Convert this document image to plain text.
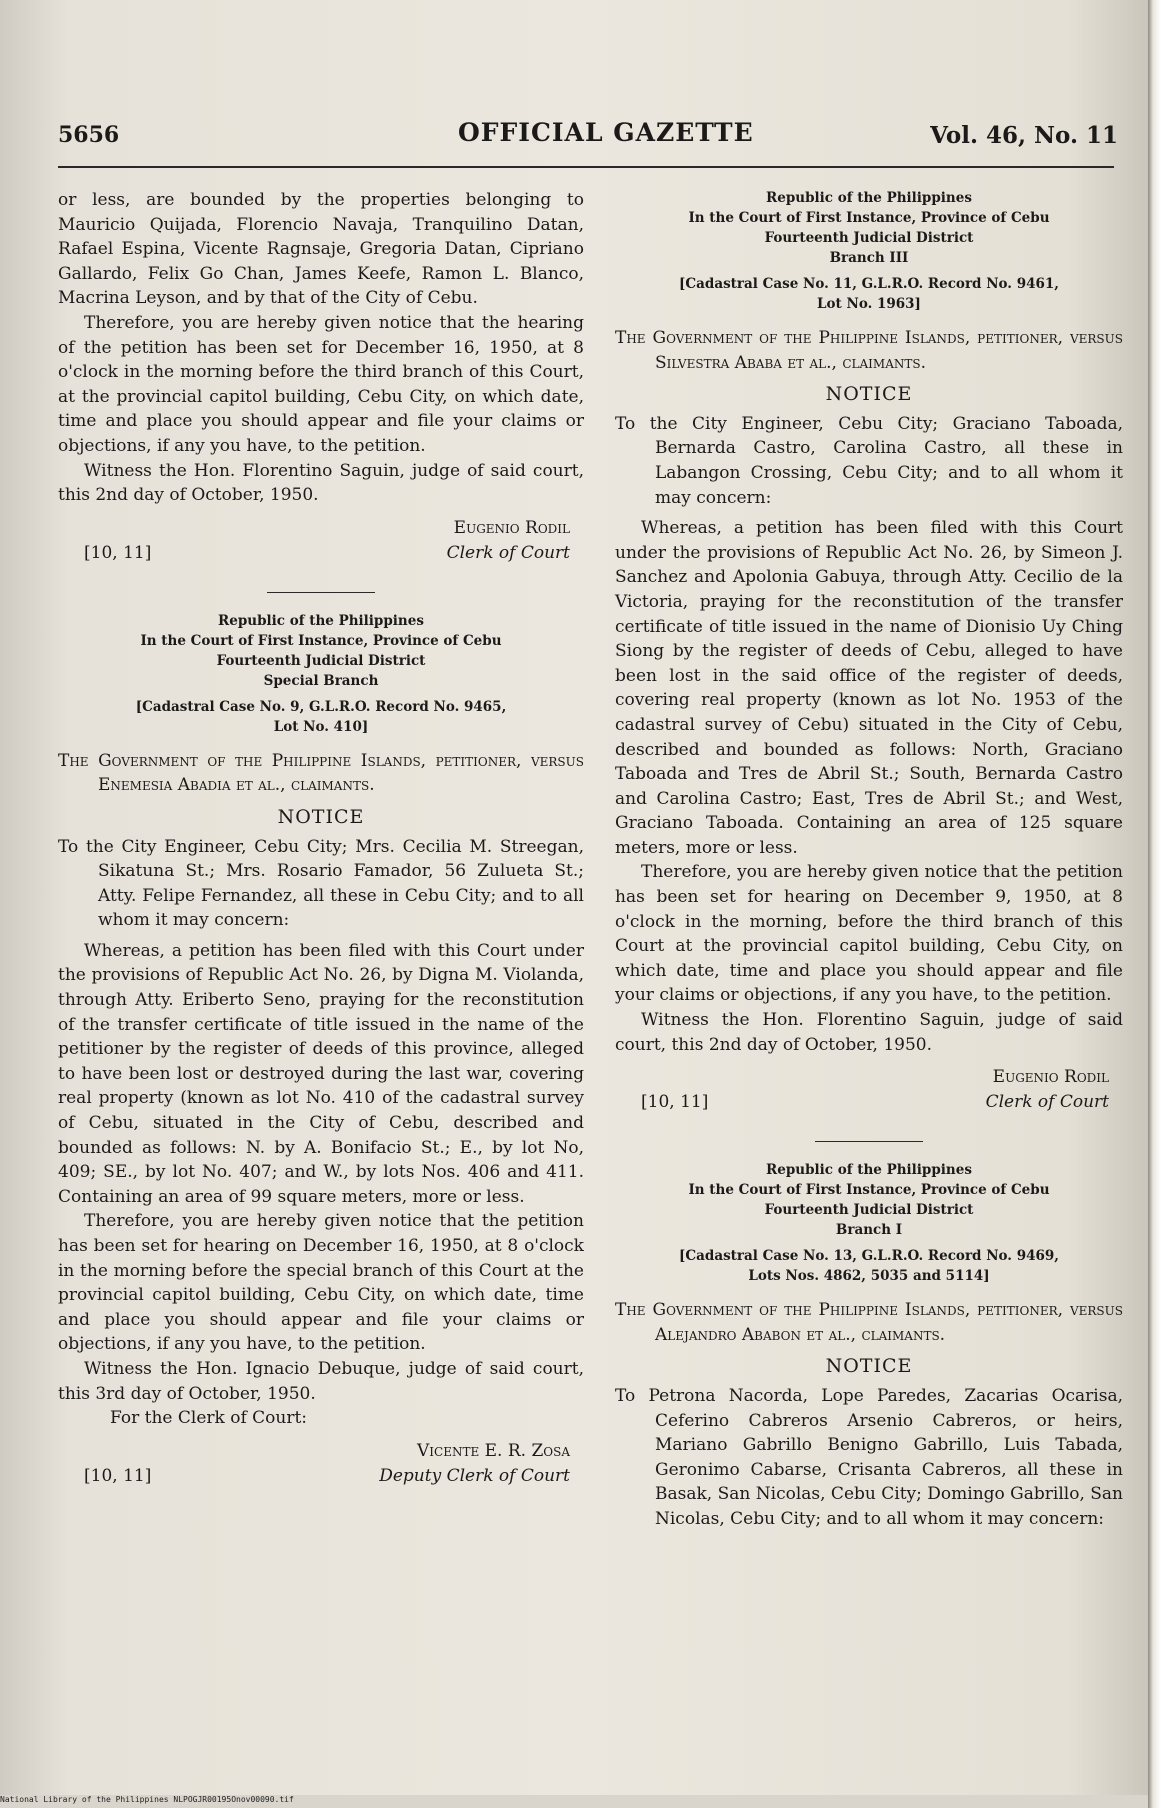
5656	OFFICIAL GAZETTE	Vol. 46, No. 11

or less, are bounded by the properties belonging to Mauricio Quijada, Florencio Navaja, Tranquilino Datan, Rafael Espina, Vicente Ragnsaje, Gregoria Datan, Cipriano Gallardo, Felix Go Chan, James Keefe, Ramon L. Blanco, Macrina Leyson, and by that of the City of Cebu.

Therefore, you are hereby given notice that the hearing of the petition has been set for December 16, 1950, at 8 o'clock in the morning before the third branch of this Court, at the provincial capitol building, Cebu City, on which date, time and place you should appear and file your claims or objections, if any you have, to the petition.

Witness the Hon. Florentino Saguin, judge of said court, this 2nd day of October, 1950.

Eugenio Rodil
[10, 11]	Clerk of Court
Republic of the Philippines
In the Court of First Instance, Province of Cebu
Fourteenth Judicial District
Special Branch
[Cadastral Case No. 9, G.L.R.O. Record No. 9465,
Lot No. 410]

The Government of the Philippine Islands, petitioner, versus Enemesia Abadia et al., claimants.

NOTICE

To the City Engineer, Cebu City; Mrs. Cecilia M. Streegan, Sikatuna St.; Mrs. Rosario Famador, 56 Zulueta St.; Atty. Felipe Fernandez, all these in Cebu City; and to all whom it may concern:

Whereas, a petition has been filed with this Court under the provisions of Republic Act No. 26, by Digna M. Violanda, through Atty. Eriberto Seno, praying for the reconstitution of the transfer certificate of title issued in the name of the petitioner by the register of deeds of this province, alleged to have been lost or destroyed during the last war, covering real property (known as lot No. 410 of the cadastral survey of Cebu, situated in the City of Cebu, described and bounded as follows: N. by A. Bonifacio St.; E., by lot No, 409; SE., by lot No. 407; and W., by lots Nos. 406 and 411. Containing an area of 99 square meters, more or less.

Therefore, you are hereby given notice that the petition has been set for hearing on December 16, 1950, at 8 o'clock in the morning before the special branch of this Court at the provincial capitol building, Cebu City, on which date, time and place you should appear and file your claims or objections, if any you have, to the petition.

Witness the Hon. Ignacio Debuque, judge of said court, this 3rd day of October, 1950.

For the Clerk of Court:

Vicente E. R. Zosa
[10, 11]	Deputy Clerk of Court
Republic of the Philippines
In the Court of First Instance, Province of Cebu
Fourteenth Judicial District
Branch III
[Cadastral Case No. 11, G.L.R.O. Record No. 9461,
Lot No. 1963]

The Government of the Philippine Islands, petitioner, versus Silvestra Ababa et al., claimants.

NOTICE

To the City Engineer, Cebu City; Graciano Taboada, Bernarda Castro, Carolina Castro, all these in Labangon Crossing, Cebu City; and to all whom it may concern:

Whereas, a petition has been filed with this Court under the provisions of Republic Act No. 26, by Simeon J. Sanchez and Apolonia Gabuya, through Atty. Cecilio de la Victoria, praying for the reconstitution of the transfer certificate of title issued in the name of Dionisio Uy Ching Siong by the register of deeds of Cebu, alleged to have been lost in the said office of the register of deeds, covering real property (known as lot No. 1953 of the cadastral survey of Cebu) situated in the City of Cebu, described and bounded as follows: North, Graciano Taboada and Tres de Abril St.; South, Bernarda Castro and Carolina Castro; East, Tres de Abril St.; and West, Graciano Taboada. Containing an area of 125 square meters, more or less.

Therefore, you are hereby given notice that the petition has been set for hearing on December 9, 1950, at 8 o'clock in the morning, before the third branch of this Court at the provincial capitol building, Cebu City, on which date, time and place you should appear and file your claims or objections, if any you have, to the petition.

Witness the Hon. Florentino Saguin, judge of said court, this 2nd day of October, 1950.

Eugenio Rodil
[10, 11]	Clerk of Court
Republic of the Philippines
In the Court of First Instance, Province of Cebu
Fourteenth Judicial District
Branch I
[Cadastral Case No. 13, G.L.R.O. Record No. 9469,
Lots Nos. 4862, 5035 and 5114]

The Government of the Philippine Islands, petitioner, versus Alejandro Ababon et al., claimants.

NOTICE

To Petrona Nacorda, Lope Paredes, Zacarias Ocarisa, Ceferino Cabreros Arsenio Cabreros, or heirs, Mariano Gabrillo Benigno Gabrillo, Luis Tabada, Geronimo Cabarse, Crisanta Cabreros, all these in Basak, San Nicolas, Cebu City; Domingo Gabrillo, San Nicolas, Cebu City; and to all whom it may concern:

National Library of the Philippines NLPOGJR00195Onov00090.tif
